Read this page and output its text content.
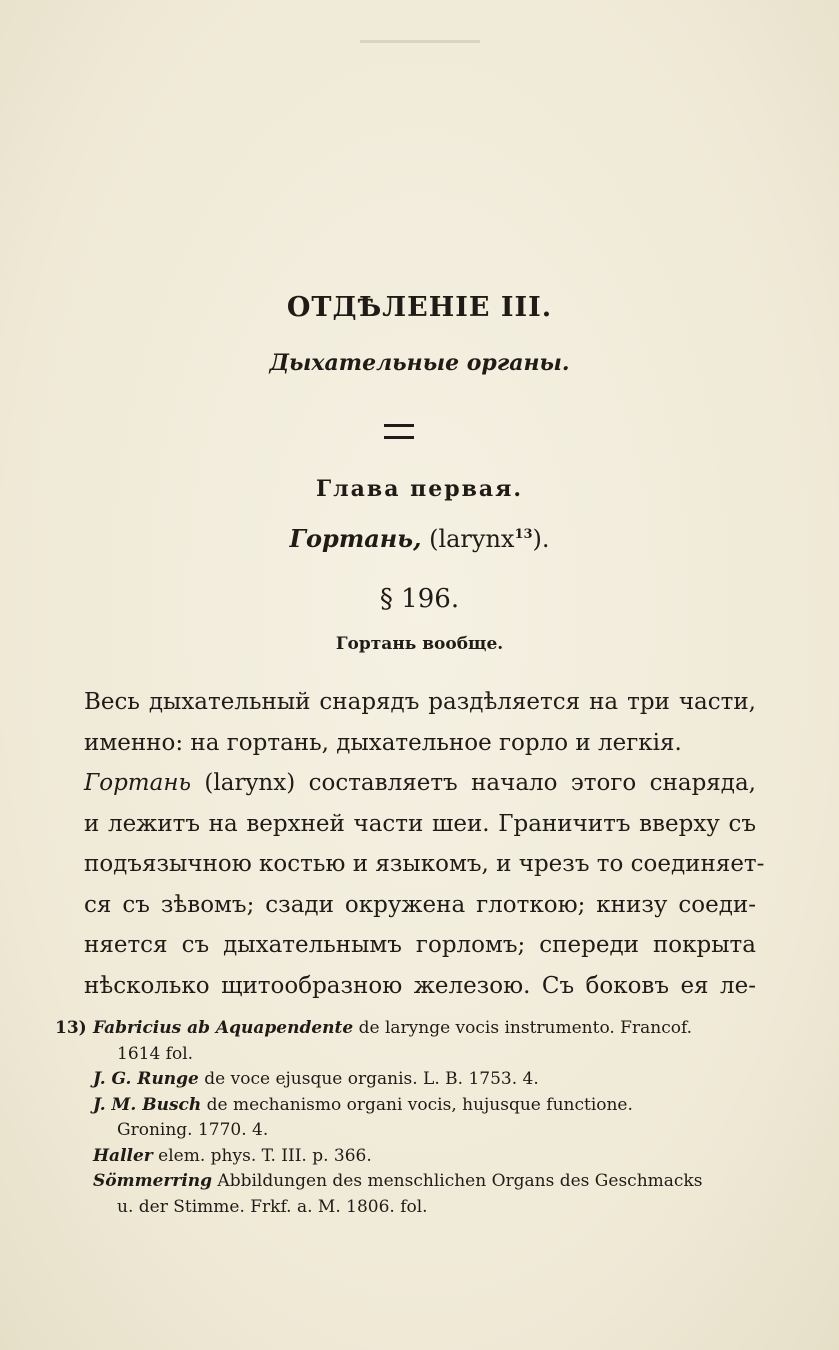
ОТДѢЛЕНІЕ III.
Дыхательные органы.
Глава первая.
Гортань, (larynx$^{13}$).
§ 196.
Гортань вообще.
Весь дыхательный снарядъ раздѣляется на три части,
именно: на гортань, дыхательное горло и легкія.
Гортань (larynx) составляетъ начало этого снаряда,
и лежитъ на верхней части шеи. Граничитъ вверху съ
подъязычною костью и языкомъ, и чрезъ то соединяет-
ся съ зѣвомъ; сзади окружена глоткою; книзу соеди-
няется съ дыхательнымъ горломъ; спереди покрыта
нѣсколько щитообразною железою. Съ боковъ ея ле-
13) Fabricius ab Aquapendente de larynge vocis instrumento. Francof.
1614 fol.
J. G. Runge de voce ejusque organis. L. B. 1753. 4.
J. M. Busch de mechanismo organi vocis, hujusque functione.
Groning. 1770. 4.
Haller elem. phys. T. III. p. 366.
Sömmerring Abbildungen des menschlichen Organs des Geschmacks
u. der Stimme. Frkf. a. M. 1806. fol.
